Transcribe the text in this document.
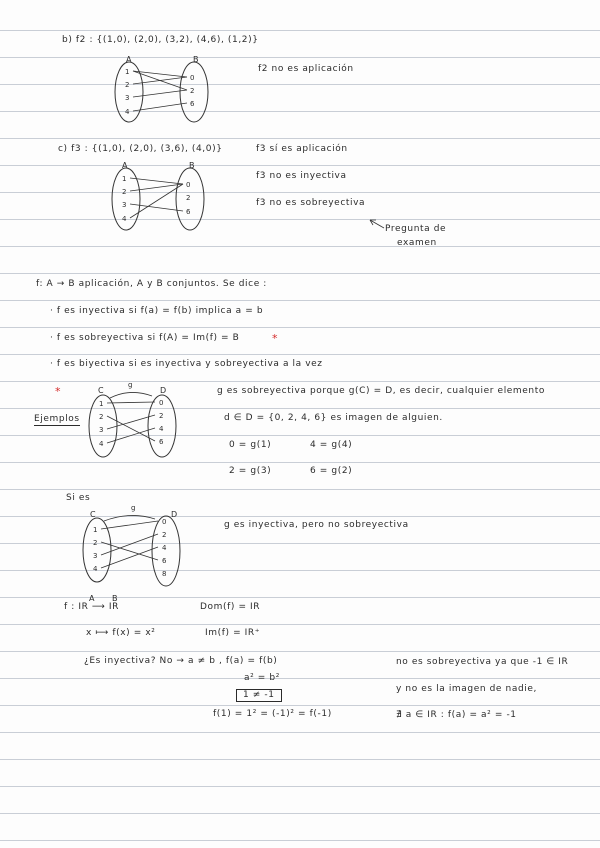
b) f2 : {(1,0), (2,0), (3,2), (4,6), (1,2)}
A	B
1
2
3
4
0
2
6
f2 no es aplicación
c) f3 : {(1,0), (2,0), (3,6), (4,0)}
A	B
1
2
3
4
0
2
6
f3 sí es aplicación
f3 no es inyectiva
f3 no es sobreyectiva
Pregunta de
examen
f: A → B aplicación, A y B conjuntos. Se dice :
· f es inyectiva si f(a) = f(b) implica a = b
· f es sobreyectiva si f(A) = Im(f) = B	*
· f es biyectiva si es inyectiva y sobreyectiva a la vez
*
Ejemplos
C	D
g
1
2
3
4
0
2
4
6
g es sobreyectiva porque g(C) = D, es decir, cualquier elemento
d ∈ D = {0, 2, 4, 6} es imagen de alguien.
0 = g(1)	4 = g(4)
2 = g(3)	6 = g(2)
Si es
C	D
g
1
2
3
4
0
2
4
6
8
g es inyectiva, pero no sobreyectiva
A B
f : IR ⟶ IR	Dom(f) = IR
x ⟼ f(x) = x²	Im(f) = IR⁺
¿Es inyectiva? No → a ≠ b , f(a) = f(b)
a² = b²
1 ≠ -1
f(1) = 1² = (-1)² = f(-1)
no es sobreyectiva ya que -1 ∈ IR
y no es la imagen de nadie,
∄ a ∈ IR : f(a) = a² = -1
